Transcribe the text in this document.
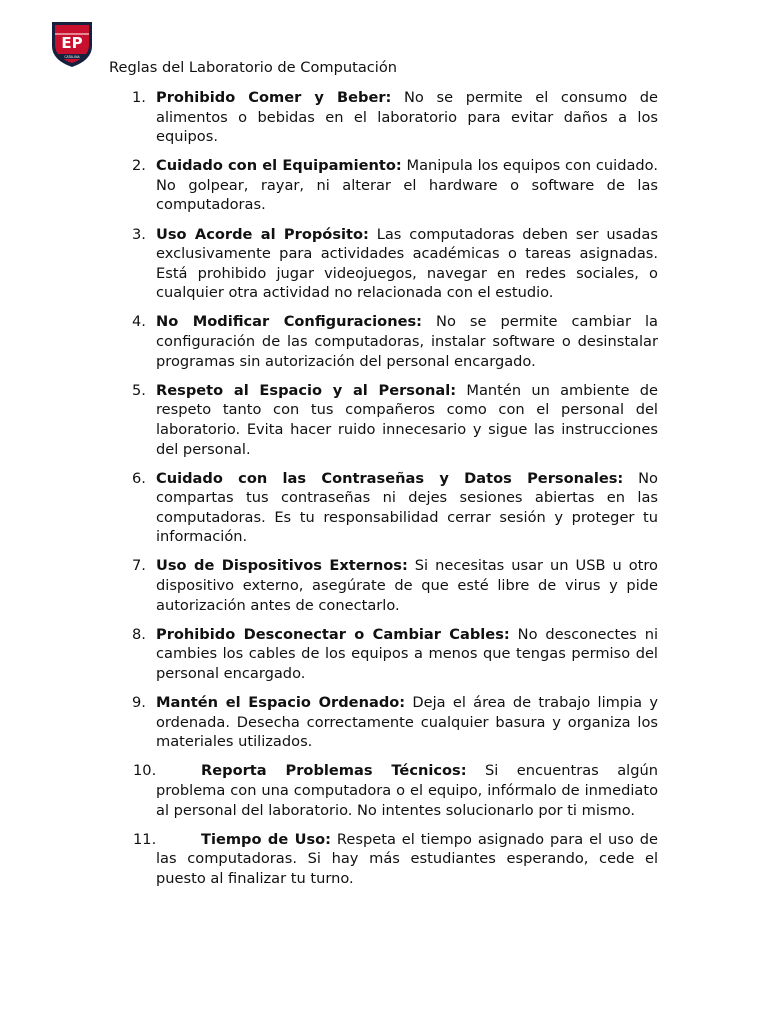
EP
CATALINA
Reglas del Laboratorio de Computación
1. Prohibido Comer y Beber: No se permite el consumo de alimentos o bebidas en el laboratorio para evitar daños a los equipos.
2. Cuidado con el Equipamiento: Manipula los equipos con cuidado. No golpear, rayar, ni alterar el hardware o software de las computadoras.
3. Uso Acorde al Propósito: Las computadoras deben ser usadas exclusivamente para actividades académicas o tareas asignadas. Está prohibido jugar videojuegos, navegar en redes sociales, o cualquier otra actividad no relacionada con el estudio.
4. No Modificar Configuraciones: No se permite cambiar la configuración de las computadoras, instalar software o desinstalar programas sin autorización del personal encargado.
5. Respeto al Espacio y al Personal: Mantén un ambiente de respeto tanto con tus compañeros como con el personal del laboratorio. Evita hacer ruido innecesario y sigue las instrucciones del personal.
6. Cuidado con las Contraseñas y Datos Personales: No compartas tus contraseñas ni dejes sesiones abiertas en las computadoras. Es tu responsabilidad cerrar sesión y proteger tu información.
7. Uso de Dispositivos Externos: Si necesitas usar un USB u otro dispositivo externo, asegúrate de que esté libre de virus y pide autorización antes de conectarlo.
8. Prohibido Desconectar o Cambiar Cables: No desconectes ni cambies los cables de los equipos a menos que tengas permiso del personal encargado.
9. Mantén el Espacio Ordenado: Deja el área de trabajo limpia y ordenada. Desecha correctamente cualquier basura y organiza los materiales utilizados.
10.	Reporta Problemas Técnicos: Si encuentras algún problema con una computadora o el equipo, infórmalo de inmediato al personal del laboratorio. No intentes solucionarlo por ti mismo.
11.	Tiempo de Uso: Respeta el tiempo asignado para el uso de las computadoras. Si hay más estudiantes esperando, cede el puesto al finalizar tu turno.
